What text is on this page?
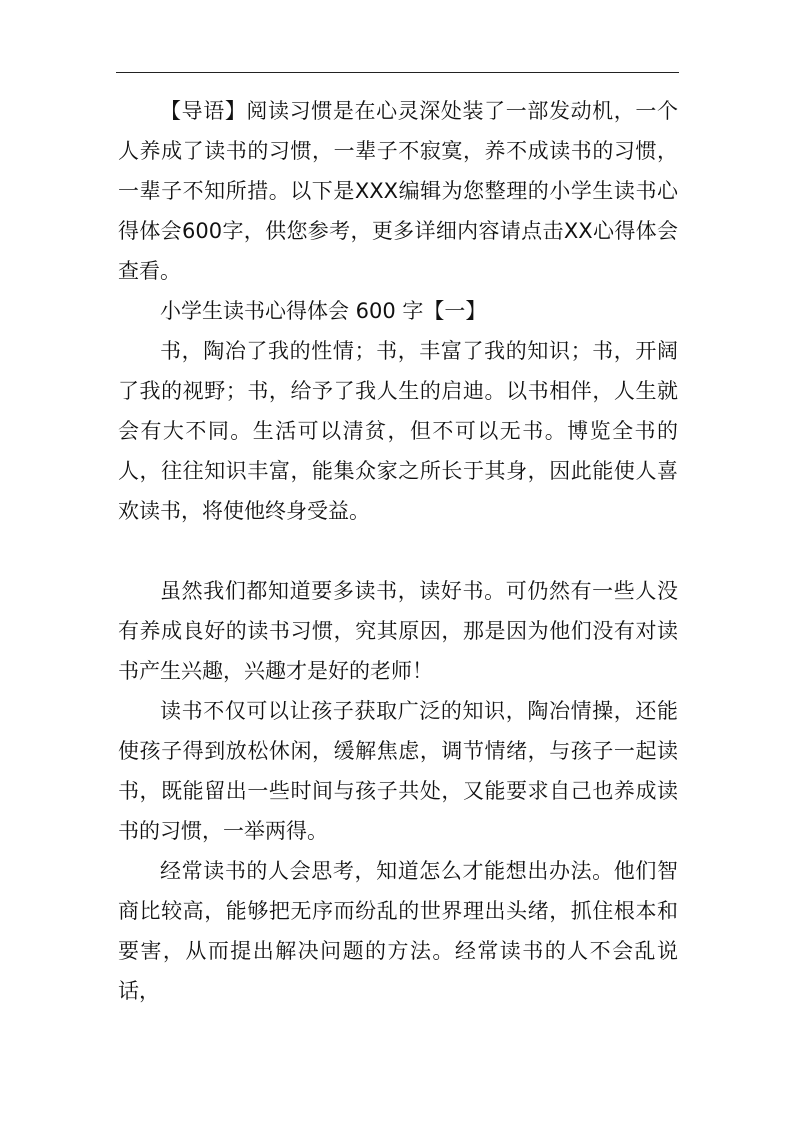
【导语】阅读习惯是在心灵深处装了一部发动机，一个人养成了读书的习惯，一辈子不寂寞，养不成读书的习惯，一辈子不知所措。以下是XXX编辑为您整理的小学生读书心得体会600字，供您参考，更多详细内容请点击XX心得体会查看。

小学生读书心得体会 600 字【一】

书，陶冶了我的性情；书，丰富了我的知识；书，开阔了我的视野；书，给予了我人生的启迪。以书相伴，人生就会有大不同。生活可以清贫，但不可以无书。博览全书的人，往往知识丰富，能集众家之所长于其身，因此能使人喜欢读书，将使他终身受益。

虽然我们都知道要多读书，读好书。可仍然有一些人没有养成良好的读书习惯，究其原因，那是因为他们没有对读书产生兴趣，兴趣才是好的老师！

读书不仅可以让孩子获取广泛的知识，陶冶情操，还能使孩子得到放松休闲，缓解焦虑，调节情绪，与孩子一起读书，既能留出一些时间与孩子共处，又能要求自己也养成读书的习惯，一举两得。

经常读书的人会思考，知道怎么才能想出办法。他们智商比较高，能够把无序而纷乱的世界理出头绪，抓住根本和要害，从而提出解决问题的方法。经常读书的人不会乱说话，
